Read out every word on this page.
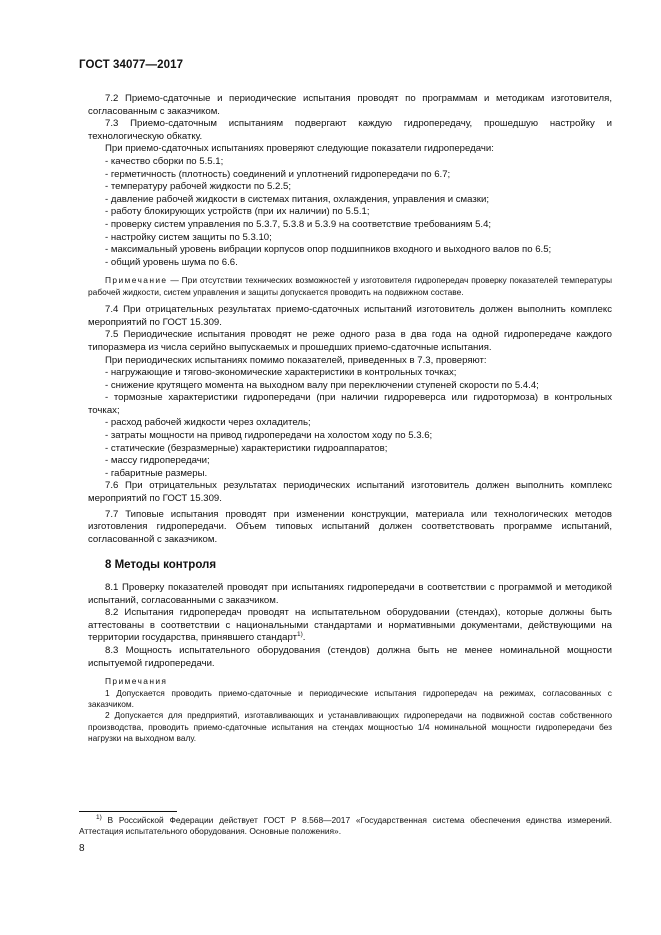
ГОСТ 34077—2017

7.2 Приемо-сдаточные и периодические испытания проводят по программам и методикам изготовителя, согласованным с заказчиком.

7.3 Приемо-сдаточным испытаниям подвергают каждую гидропередачу, прошедшую настройку и технологическую обкатку.

При приемо-сдаточных испытаниях проверяют следующие показатели гидропередачи:

- качество сборки по 5.5.1;

- герметичность (плотность) соединений и уплотнений гидропередачи по 6.7;

- температуру рабочей жидкости по 5.2.5;

- давление рабочей жидкости в системах питания, охлаждения, управления и смазки;

- работу блокирующих устройств (при их наличии) по 5.5.1;

- проверку систем управления по 5.3.7, 5.3.8 и 5.3.9 на соответствие требованиям 5.4;

- настройку систем защиты по 5.3.10;

- максимальный уровень вибрации корпусов опор подшипников входного и выходного валов по 6.5;

- общий уровень шума по 6.6.

Примечание — При отсутствии технических возможностей у изготовителя гидропередач проверку показателей температуры рабочей жидкости, систем управления и защиты допускается проводить на подвижном составе.

7.4 При отрицательных результатах приемо-сдаточных испытаний изготовитель должен выполнить комплекс мероприятий по ГОСТ 15.309.

7.5 Периодические испытания проводят не реже одного раза в два года на одной гидропередаче каждого типоразмера из числа серийно выпускаемых и прошедших приемо-сдаточные испытания.

При периодических испытаниях помимо показателей, приведенных в 7.3, проверяют:

- нагружающие и тягово-экономические характеристики в контрольных точках;

- снижение крутящего момента на выходном валу при переключении ступеней скорости по 5.4.4;

- тормозные характеристики гидропередачи (при наличии гидрореверса или гидротормоза) в контрольных точках;

- расход рабочей жидкости через охладитель;

- затраты мощности на привод гидропередачи на холостом ходу по 5.3.6;

- статические (безразмерные) характеристики гидроаппаратов;

- массу гидропередачи;

- габаритные размеры.

7.6 При отрицательных результатах периодических испытаний изготовитель должен выполнить комплекс мероприятий по ГОСТ 15.309.

7.7 Типовые испытания проводят при изменении конструкции, материала или технологических методов изготовления гидропередачи. Объем типовых испытаний должен соответствовать программе испытаний, согласованной с заказчиком.

8 Методы контроля

8.1 Проверку показателей проводят при испытаниях гидропередачи в соответствии с программой и методикой испытаний, согласованными с заказчиком.

8.2 Испытания гидропередач проводят на испытательном оборудовании (стендах), которые должны быть аттестованы в соответствии с национальными стандартами и нормативными документами, действующими на территории государства, принявшего стандарт$^{1)}$.

8.3 Мощность испытательного оборудования (стендов) должна быть не менее номинальной мощности испытуемой гидропередачи.

Примечания

1 Допускается проводить приемо-сдаточные и периодические испытания гидропередач на режимах, согласованных с заказчиком.

2 Допускается для предприятий, изготавливающих и устанавливающих гидропередачи на подвижной состав собственного производства, проводить приемо-сдаточные испытания на стендах мощностью 1/4 номинальной мощности гидропередачи без нагрузки на выходном валу.

$^{1)}$ В Российской Федерации действует ГОСТ Р 8.568—2017 «Государственная система обеспечения единства измерений. Аттестация испытательного оборудования. Основные положения».
8
